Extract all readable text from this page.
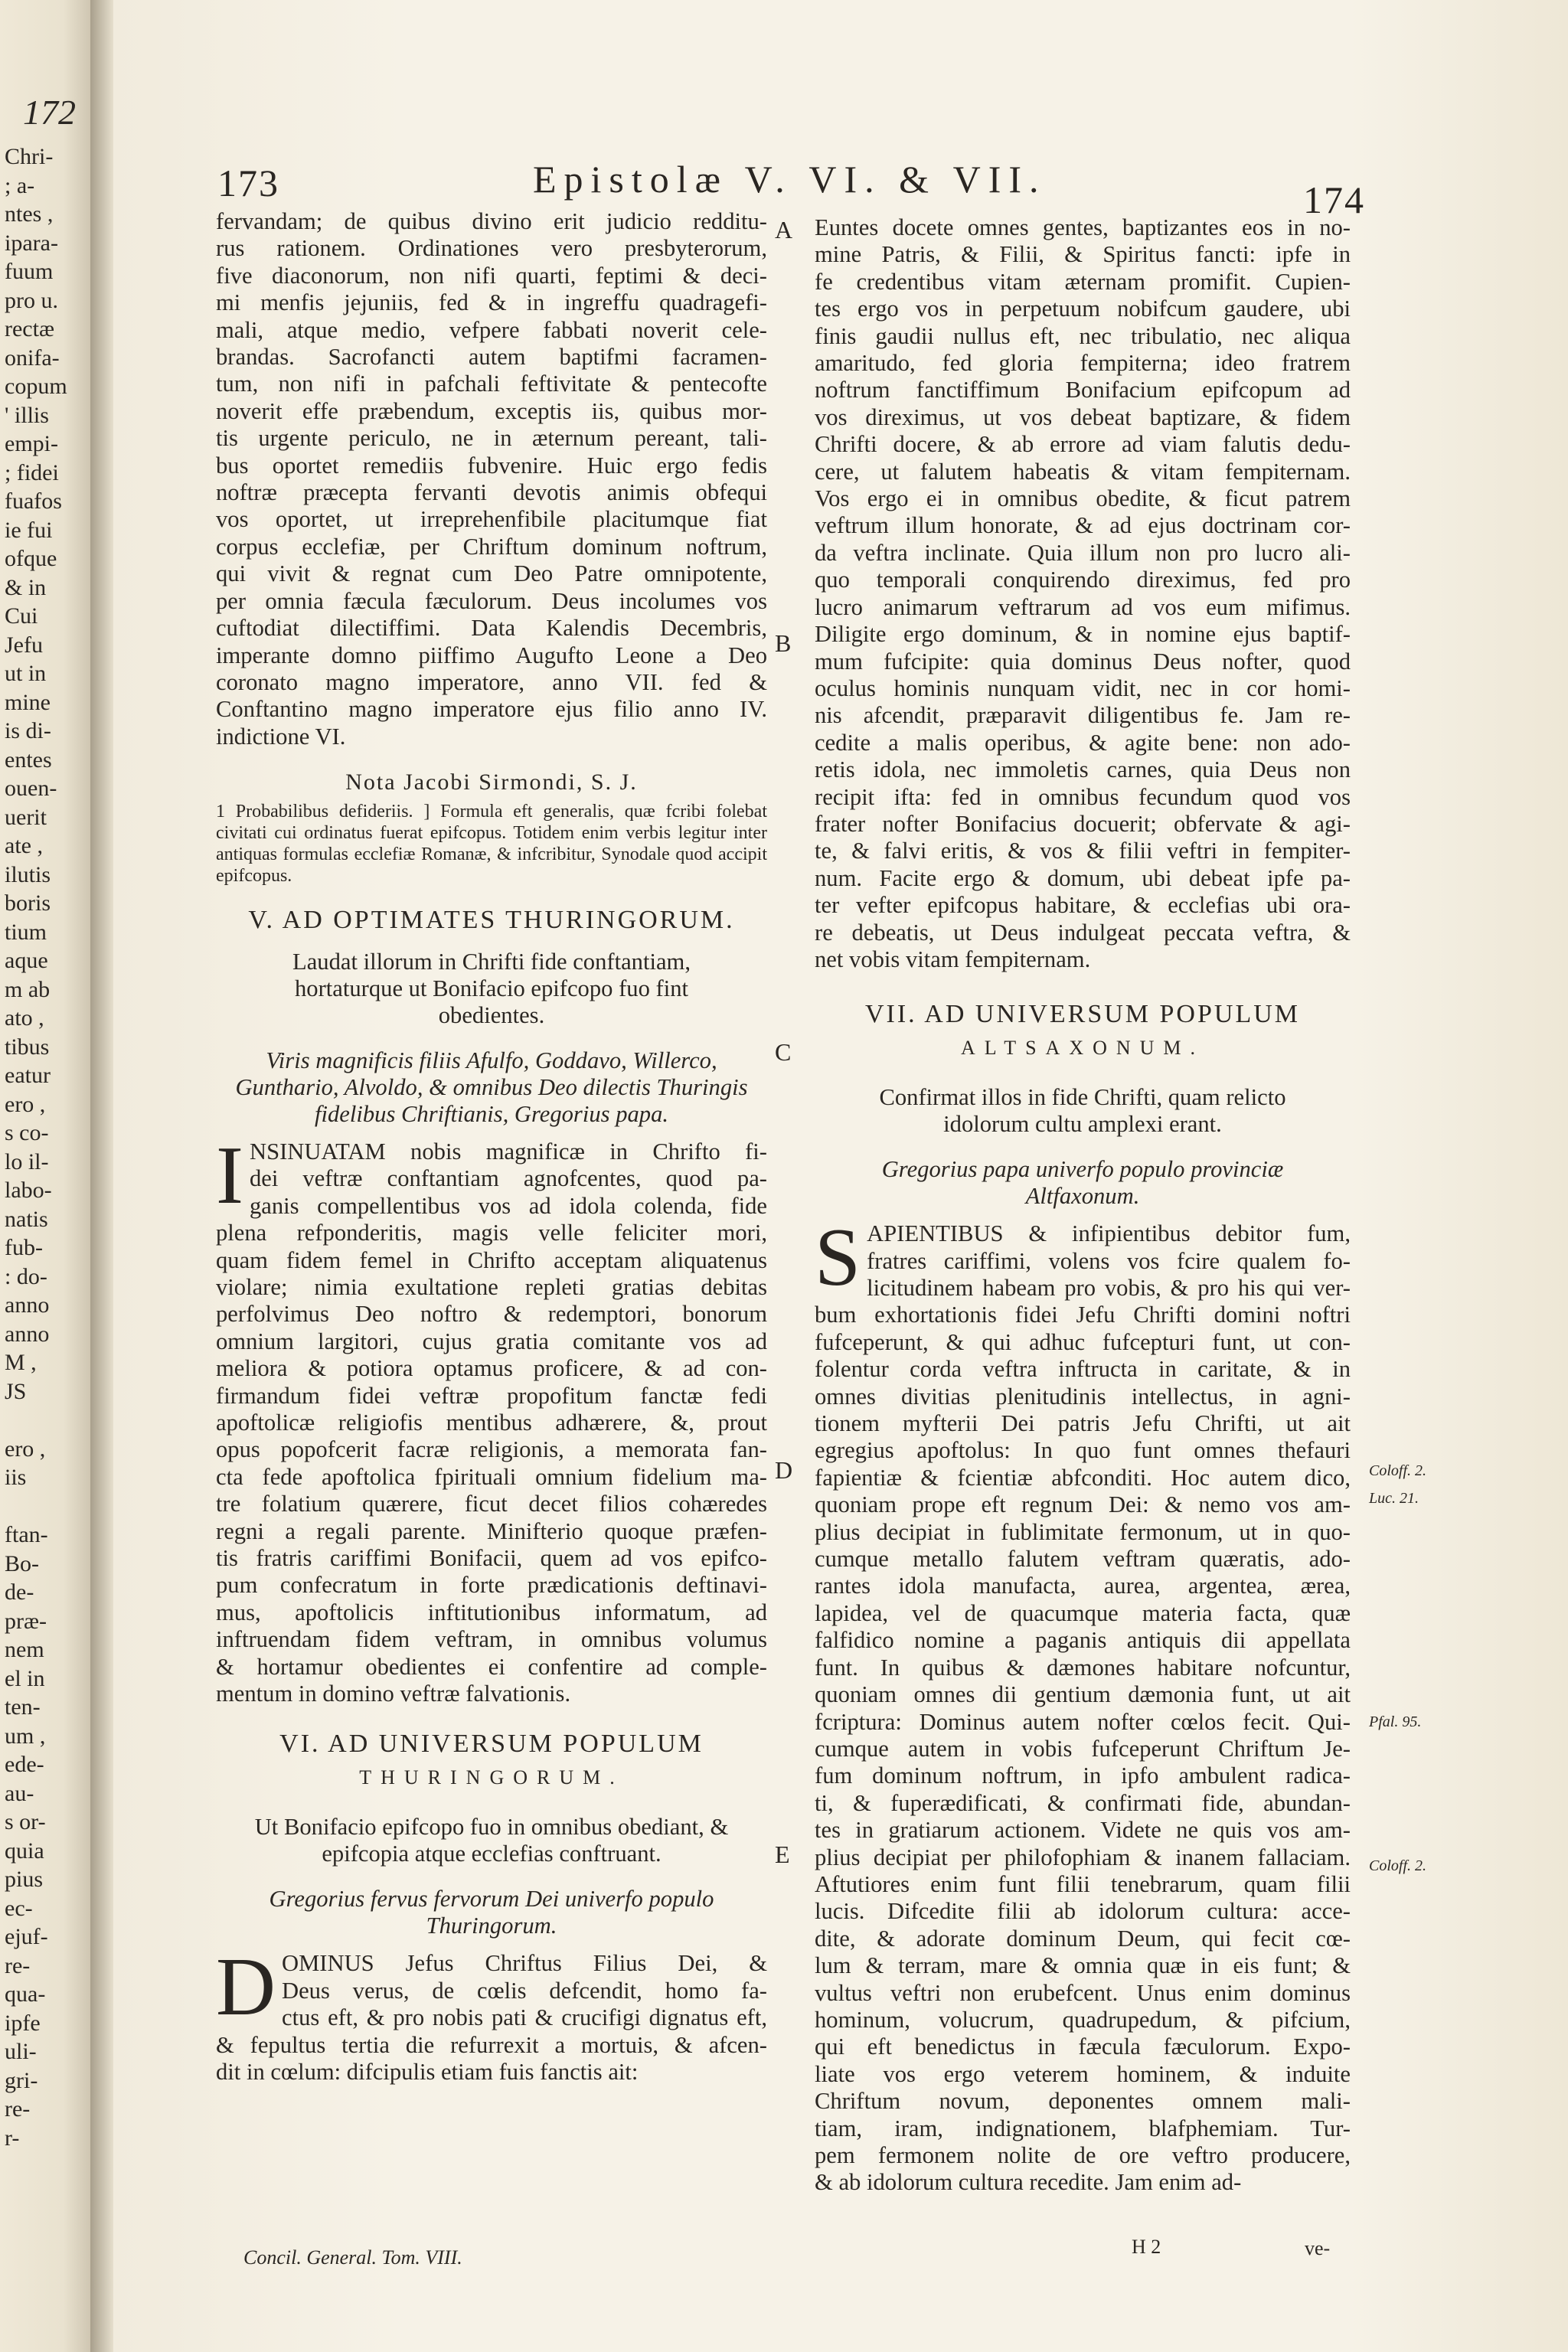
172
Chri-
; a-
ntes ,
ipara-
fuum
pro u.
rectæ
onifa-
copum
' illis
empi-
; fidei
fuafos
ie fui
ofque
& in
Cui
Jefu
ut in
mine
is di-
entes
ouen-
uerit
ate ,
ilutis
boris
tium
aque
m ab
ato ,
tibus
eatur
ero ,
s co-
lo il-
labo-
natis
fub-
: do-
anno
anno
M ,
JS
ero ,
iis
ftan-
Bo-
de-
præ-
nem
el in
ten-
um ,
ede-
au-
s or-
quia
pius
ec-
ejuf-
re-
qua-
ipfe
uli-
gri-
re-
r-
173	Epistolæ V. VI. & VII.	174
fervandam; de quibus divino erit judicio redditu-
rus rationem. Ordinationes vero presbyterorum,
five diaconorum, non nifi quarti, feptimi & deci-
mi menfis jejuniis, fed & in ingreffu quadragefi-
mali, atque medio, vefpere fabbati noverit cele-
brandas. Sacrofancti autem baptifmi facramen-
tum, non nifi in pafchali feftivitate & pentecofte
noverit effe præbendum, exceptis iis, quibus mor-
tis urgente periculo, ne in æternum pereant, tali-
bus oportet remediis fubvenire. Huic ergo fedis
noftræ præcepta fervanti devotis animis obfequi
vos oportet, ut irreprehenfibile placitumque fiat
corpus ecclefiæ, per Chriftum dominum noftrum,
qui vivit & regnat cum Deo Patre omnipotente,
per omnia fæcula fæculorum. Deus incolumes vos
cuftodiat dilectiffimi. Data Kalendis Decembris,
imperante domno piiffimo Augufto Leone a Deo
coronato magno imperatore, anno VII. fed &
Conftantino magno imperatore ejus filio anno IV.
indictione VI.
Nota Jacobi Sirmondi, S. J.
1 Probabilibus defideriis. ] Formula eft generalis, quæ fcribi folebat civitati cui ordinatus fuerat epifcopus. Totidem enim verbis legitur inter antiquas formulas ecclefiæ Romanæ, & infcribitur, Synodale quod accipit epifcopus.
V. AD OPTIMATES THURINGORUM.
Laudat illorum in Chrifti fide conftantiam, hortaturque ut Bonifacio epifcopo fuo fint obedientes.
Viris magnificis filiis Afulfo, Goddavo, Willerco, Gunthario, Alvoldo, & omnibus Deo dilectis Thuringis fidelibus Chriftianis, Gregorius papa.
I NSINUATAM nobis magnificæ in Chrifto fi-
dei veftræ conftantiam agnofcentes, quod pa-
ganis compellentibus vos ad idola colenda, fide
plena refponderitis, magis velle feliciter mori,
quam fidem femel in Chrifto acceptam aliquatenus
violare; nimia exultatione repleti gratias debitas
perfolvimus Deo noftro & redemptori, bonorum
omnium largitori, cujus gratia comitante vos ad
meliora & potiora optamus proficere, & ad con-
firmandum fidei veftræ propofitum fanctæ fedi
apoftolicæ religiofis mentibus adhærere, &, prout
opus popofcerit facræ religionis, a memorata fan-
cta fede apoftolica fpirituali omnium fidelium ma-
tre folatium quærere, ficut decet filios cohæredes
regni a regali parente. Minifterio quoque præfen-
tis fratris cariffimi Bonifacii, quem ad vos epifco-
pum confecratum in forte prædicationis deftinavi-
mus, apoftolicis inftitutionibus informatum, ad
inftruendam fidem veftram, in omnibus volumus
& hortamur obedientes ei confentire ad comple-
mentum in domino veftræ falvationis.
VI. AD UNIVERSUM POPULUM
THURINGORUM.
Ut Bonifacio epifcopo fuo in omnibus obediant, & epifcopia atque ecclefias conftruant.
Gregorius fervus fervorum Dei univerfo populo Thuringorum.
D OMINUS Jefus Chriftus Filius Dei, &
Deus verus, de cœlis defcendit, homo fa-
ctus eft, & pro nobis pati & crucifigi dignatus eft,
& fepultus tertia die refurrexit a mortuis, & afcen-
dit in cœlum: difcipulis etiam fuis fanctis ait:
Concil. General. Tom. VIII.
A
B
C
D
E
Euntes docete omnes gentes, baptizantes eos in no-
mine Patris, & Filii, & Spiritus fancti: ipfe in
fe credentibus vitam æternam promifit. Cupien-
tes ergo vos in perpetuum nobifcum gaudere, ubi
finis gaudii nullus eft, nec tribulatio, nec aliqua
amaritudo, fed gloria fempiterna; ideo fratrem
noftrum fanctiffimum Bonifacium epifcopum ad
vos direximus, ut vos debeat baptizare, & fidem
Chrifti docere, & ab errore ad viam falutis dedu-
cere, ut falutem habeatis & vitam fempiternam.
Vos ergo ei in omnibus obedite, & ficut patrem
veftrum illum honorate, & ad ejus doctrinam cor-
da veftra inclinate. Quia illum non pro lucro ali-
quo temporali conquirendo direximus, fed pro
lucro animarum veftrarum ad vos eum mifimus.
Diligite ergo dominum, & in nomine ejus baptif-
mum fufcipite: quia dominus Deus nofter, quod
oculus hominis nunquam vidit, nec in cor homi-
nis afcendit, præparavit diligentibus fe. Jam re-
cedite a malis operibus, & agite bene: non ado-
retis idola, nec immoletis carnes, quia Deus non
recipit ifta: fed in omnibus fecundum quod vos
frater nofter Bonifacius docuerit; obfervate & agi-
te, & falvi eritis, & vos & filii veftri in fempiter-
num. Facite ergo & domum, ubi debeat ipfe pa-
ter vefter epifcopus habitare, & ecclefias ubi ora-
re debeatis, ut Deus indulgeat peccata veftra, &
net vobis vitam fempiternam.
VII. AD UNIVERSUM POPULUM
ALTSAXONUM.
Confirmat illos in fide Chrifti, quam relicto idolorum cultu amplexi erant.
Gregorius papa univerfo populo provinciæ Altfaxonum.
S APIENTIBUS & infipientibus debitor fum,
fratres cariffimi, volens vos fcire qualem fo-
licitudinem habeam pro vobis, & pro his qui ver-
bum exhortationis fidei Jefu Chrifti domini noftri
fufceperunt, & qui adhuc fufcepturi funt, ut con-
folentur corda veftra inftructa in caritate, & in
omnes divitias plenitudinis intellectus, in agni-
tionem myfterii Dei patris Jefu Chrifti, ut ait
egregius apoftolus: In quo funt omnes thefauri
fapientiæ & fcientiæ abfconditi. Hoc autem dico,
quoniam prope eft regnum Dei: & nemo vos am-
plius decipiat in fublimitate fermonum, ut in quo-
cumque metallo falutem veftram quæratis, ado-
rantes idola manufacta, aurea, argentea, ærea,
lapidea, vel de quacumque materia facta, quæ
falfidico nomine a paganis antiquis dii appellata
funt. In quibus & dæmones habitare nofcuntur,
quoniam omnes dii gentium dæmonia funt, ut ait
fcriptura: Dominus autem nofter cœlos fecit. Qui-
cumque autem in vobis fufceperunt Chriftum Je-
fum dominum noftrum, in ipfo ambulent radica-
ti, & fuperædificati, & confirmati fide, abundan-
tes in gratiarum actionem. Videte ne quis vos am-
plius decipiat per philofophiam & inanem fallaciam.
Aftutiores enim funt filii tenebrarum, quam filii
lucis. Difcedite filii ab idolorum cultura: acce-
dite, & adorate dominum Deum, qui fecit cœ-
lum & terram, mare & omnia quæ in eis funt; &
vultus veftri non erubefcent. Unus enim dominus
hominum, volucrum, quadrupedum, & pifcium,
qui eft benedictus in fæcula fæculorum. Expo-
liate vos ergo veterem hominem, & induite
Chriftum novum, deponentes omnem mali-
tiam, iram, indignationem, blafphemiam. Tur-
pem fermonem nolite de ore veftro producere,
& ab idolorum cultura recedite. Jam enim ad-
Coloff. 2.
Luc. 21.
Pfal. 95.
Coloff. 2.
H 2	ve-
